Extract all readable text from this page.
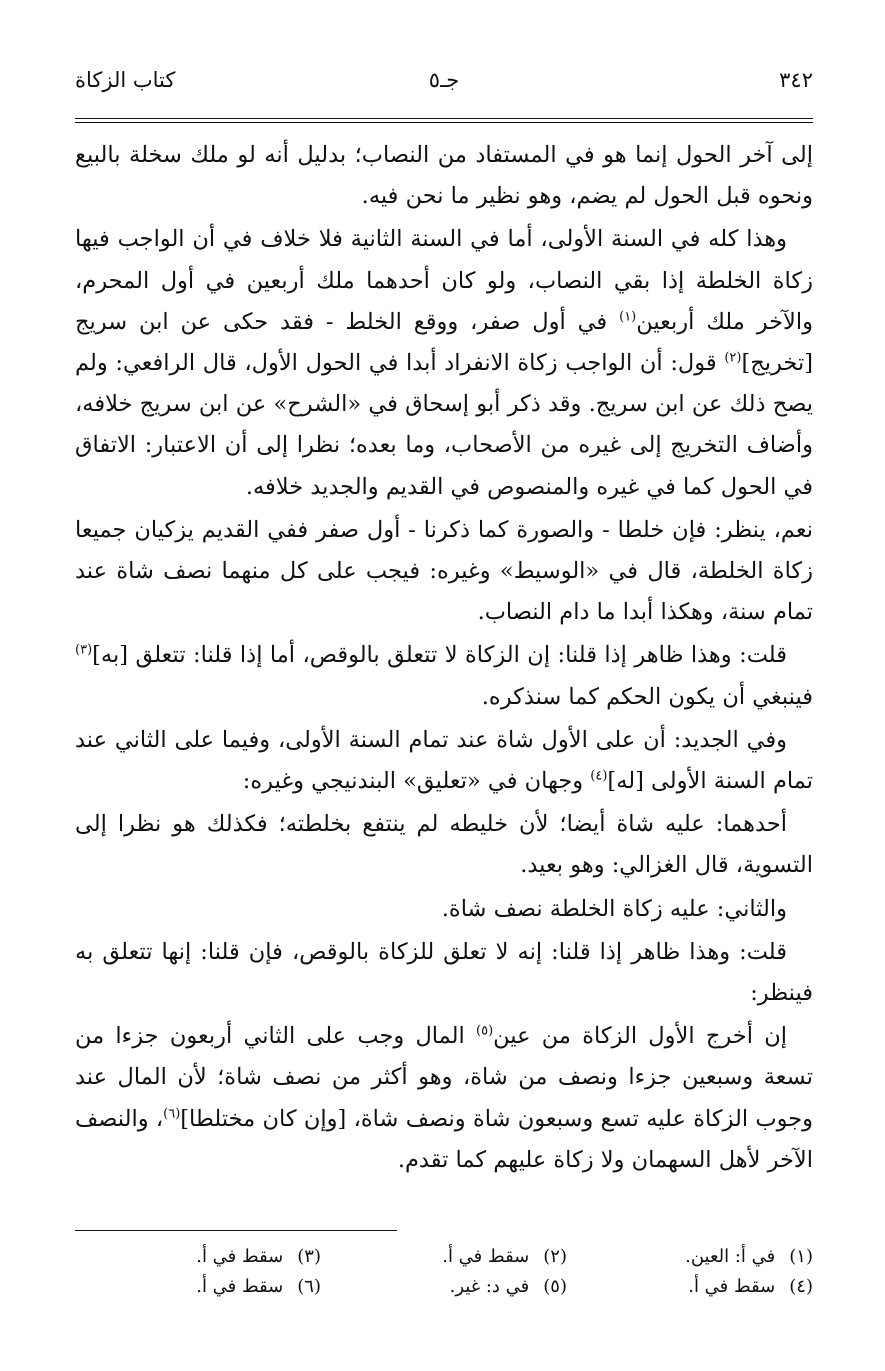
٣٤٢
جـ٥
كتاب الزكاة

إلى آخر الحول إنما هو في المستفاد من النصاب؛ بدليل أنه لو ملك سخلة بالبيع ونحوه قبل الحول لم يضم، وهو نظير ما نحن فيه.

وهذا كله في السنة الأولى، أما في السنة الثانية فلا خلاف في أن الواجب فيها زكاة الخلطة إذا بقي النصاب، ولو كان أحدهما ملك أربعين في أول المحرم، والآخر ملك أربعين$^{(١)}$ في أول صفر، ووقع الخلط - فقد حكى عن ابن سريج [تخريج]$^{(٢)}$ قول: أن الواجب زكاة الانفراد أبدا في الحول الأول، قال الرافعي: ولم يصح ذلك عن ابن سريج. وقد ذكر أبو إسحاق في «الشرح» عن ابن سريج خلافه، وأضاف التخريج إلى غيره من الأصحاب، وما بعده؛ نظرا إلى أن الاعتبار: الاتفاق في الحول كما في غيره والمنصوص في القديم والجديد خلافه.

نعم، ينظر: فإن خلطا - والصورة كما ذكرنا - أول صفر ففي القديم يزكيان جميعا زكاة الخلطة، قال في «الوسيط» وغيره: فيجب على كل منهما نصف شاة عند تمام سنة، وهكذا أبدا ما دام النصاب.

قلت: وهذا ظاهر إذا قلنا: إن الزكاة لا تتعلق بالوقص، أما إذا قلنا: تتعلق [به]$^{(٣)}$ فينبغي أن يكون الحكم كما سنذكره.

وفي الجديد: أن على الأول شاة عند تمام السنة الأولى، وفيما على الثاني عند تمام السنة الأولى [له]$^{(٤)}$ وجهان في «تعليق» البندنيجي وغيره:

أحدهما: عليه شاة أيضا؛ لأن خليطه لم ينتفع بخلطته؛ فكذلك هو نظرا إلى التسوية، قال الغزالي: وهو بعيد.

والثاني: عليه زكاة الخلطة نصف شاة.

قلت: وهذا ظاهر إذا قلنا: إنه لا تعلق للزكاة بالوقص، فإن قلنا: إنها تتعلق به فينظر:

إن أخرج الأول الزكاة من عين$^{(٥)}$ المال وجب على الثاني أربعون جزءا من تسعة وسبعين جزءا ونصف من شاة، وهو أكثر من نصف شاة؛ لأن المال عند وجوب الزكاة عليه تسع وسبعون شاة ونصف شاة، [وإن كان مختلطا]$^{(٦)}$، والنصف الآخر لأهل السهمان ولا زكاة عليهم كما تقدم.

(١)في أ: العين.
(٢)سقط في أ.
(٣)سقط في أ.
(٤)سقط في أ.
(٥)في د: غير.
(٦)سقط في أ.
